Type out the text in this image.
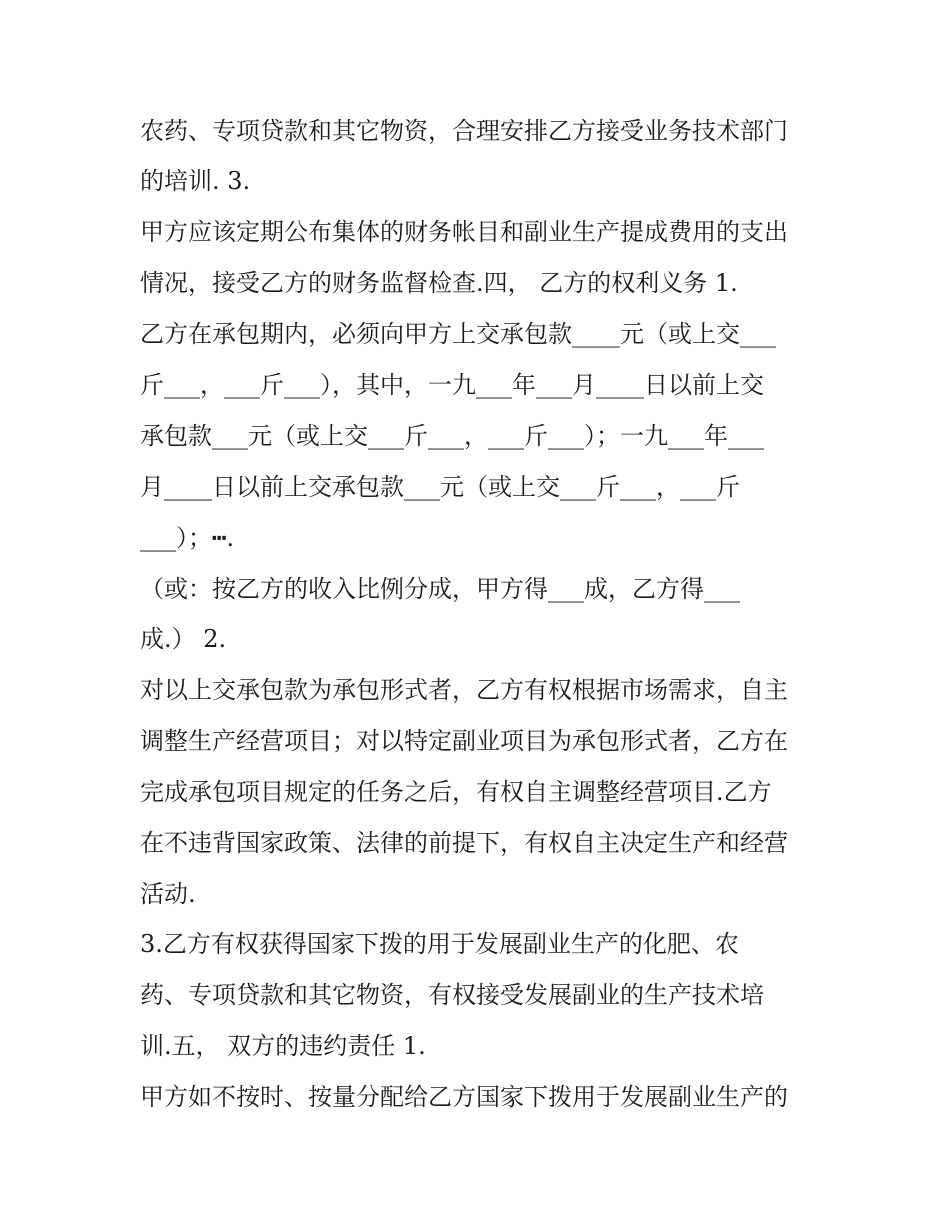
农药、专项贷款和其它物资，合理安排乙方接受业务技术部门
的培训. 3.
甲方应该定期公布集体的财务帐目和副业生产提成费用的支出
情况，接受乙方的财务监督检查.四， 乙方的权利义务 1.
乙方在承包期内，必须向甲方上交承包款____元（或上交___
斤___，___斤___），其中，一九___年___月____日以前上交
承包款___元（或上交___斤___，___斤___）；一九___年___
月____日以前上交承包款___元（或上交___斤___，___斤
___）；┅.
（或：按乙方的收入比例分成，甲方得___成，乙方得___
成.） 2.
对以上交承包款为承包形式者，乙方有权根据市场需求，自主
调整生产经营项目；对以特定副业项目为承包形式者，乙方在
完成承包项目规定的任务之后，有权自主调整经营项目.乙方
在不违背国家政策、法律的前提下，有权自主决定生产和经营
活动.
3.乙方有权获得国家下拨的用于发展副业生产的化肥、农
药、专项贷款和其它物资，有权接受发展副业的生产技术培
训.五， 双方的违约责任 1.
甲方如不按时、按量分配给乙方国家下拨用于发展副业生产的
